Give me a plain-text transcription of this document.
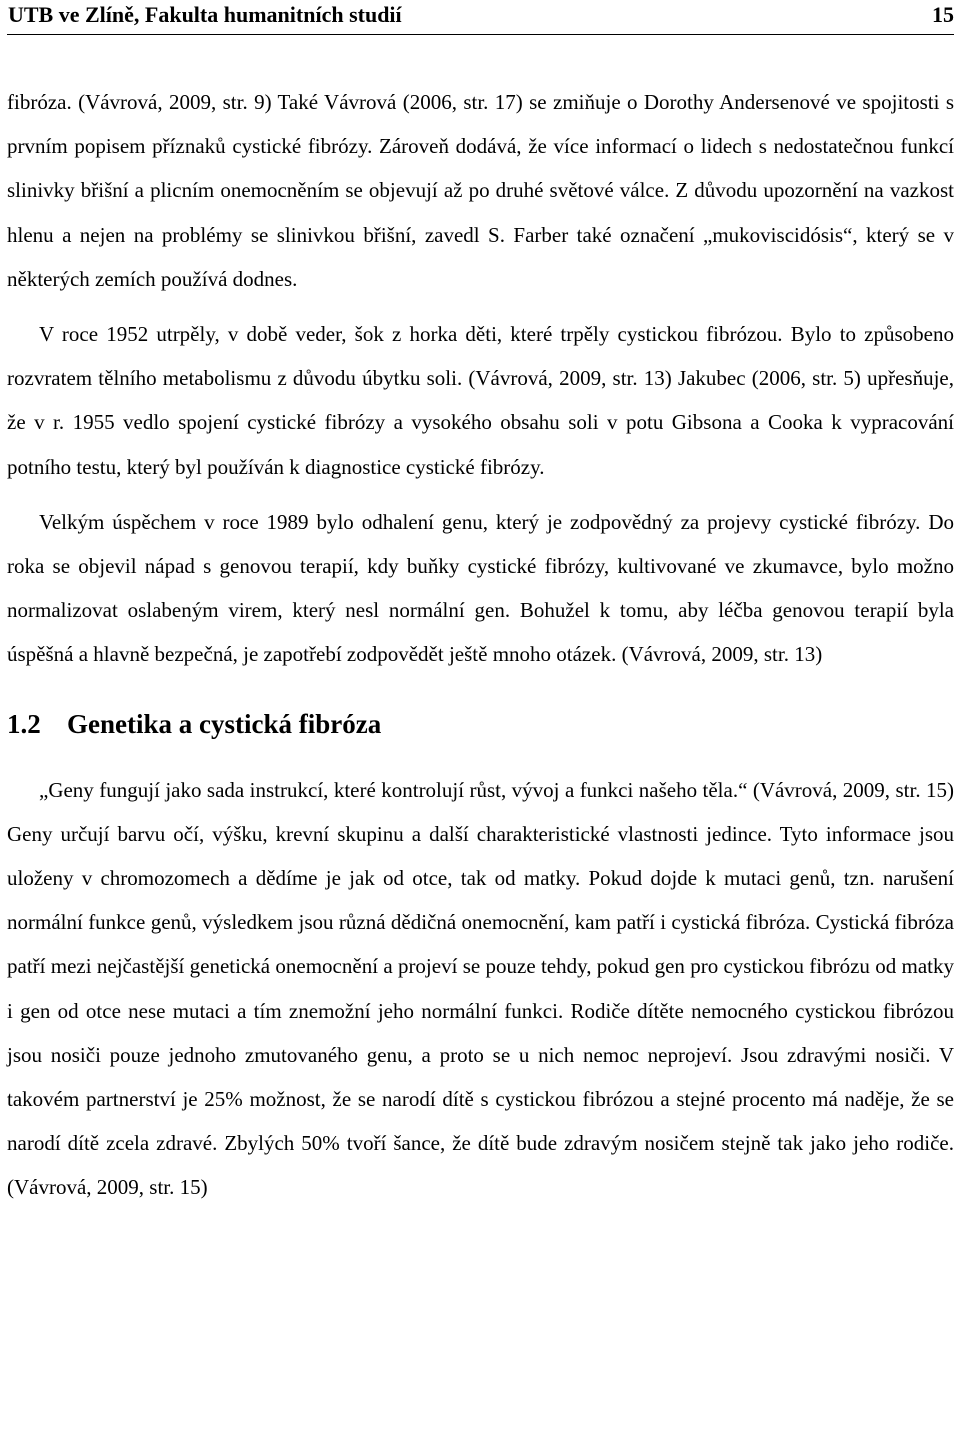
UTB ve Zlíně, Fakulta humanitních studií	15

fibróza. (Vávrová, 2009, str. 9) Také Vávrová (2006, str. 17) se zmiňuje o Dorothy Andersenové ve spojitosti s prvním popisem příznaků cystické fibrózy. Zároveň dodává, že více informací o lidech s nedostatečnou funkcí slinivky břišní a plicním onemocněním se objevují až po druhé světové válce. Z důvodu upozornění na vazkost hlenu a nejen na problémy se slinivkou břišní, zavedl S. Farber také označení „mukoviscidósis“, který se v některých zemích používá dodnes.

V roce 1952 utrpěly, v době veder, šok z horka děti, které trpěly cystickou fibrózou. Bylo to způsobeno rozvratem tělního metabolismu z důvodu úbytku soli. (Vávrová, 2009, str. 13) Jakubec (2006, str. 5) upřesňuje, že v r. 1955 vedlo spojení cystické fibrózy a vysokého obsahu soli v potu Gibsona a Cooka k vypracování potního testu, který byl používán k diagnostice cystické fibrózy.

Velkým úspěchem v roce 1989 bylo odhalení genu, který je zodpovědný za projevy cystické fibrózy. Do roka se objevil nápad s genovou terapií, kdy buňky cystické fibrózy, kultivované ve zkumavce, bylo možno normalizovat oslabeným virem, který nesl normální gen. Bohužel k tomu, aby léčba genovou terapií byla úspěšná a hlavně bezpečná, je zapotřebí zodpovědět ještě mnoho otázek. (Vávrová, 2009, str. 13)

1.2 Genetika a cystická fibróza

„Geny fungují jako sada instrukcí, které kontrolují růst, vývoj a funkci našeho těla.“ (Vávrová, 2009, str. 15) Geny určují barvu očí, výšku, krevní skupinu a další charakteristické vlastnosti jedince. Tyto informace jsou uloženy v chromozomech a dědíme je jak od otce, tak od matky. Pokud dojde k mutaci genů, tzn. narušení normální funkce genů, výsledkem jsou různá dědičná onemocnění, kam patří i cystická fibróza. Cystická fibróza patří mezi nejčastější genetická onemocnění a projeví se pouze tehdy, pokud gen pro cystickou fibrózu od matky i gen od otce nese mutaci a tím znemožní jeho normální funkci. Rodiče dítěte nemocného cystickou fibrózou jsou nosiči pouze jednoho zmutovaného genu, a proto se u nich nemoc neprojeví. Jsou zdravými nosiči. V takovém partnerství je 25% možnost, že se narodí dítě s cystickou fibrózou a stejné procento má naděje, že se narodí dítě zcela zdravé. Zbylých 50% tvoří šance, že dítě bude zdravým nosičem stejně tak jako jeho rodiče. (Vávrová, 2009, str. 15)
